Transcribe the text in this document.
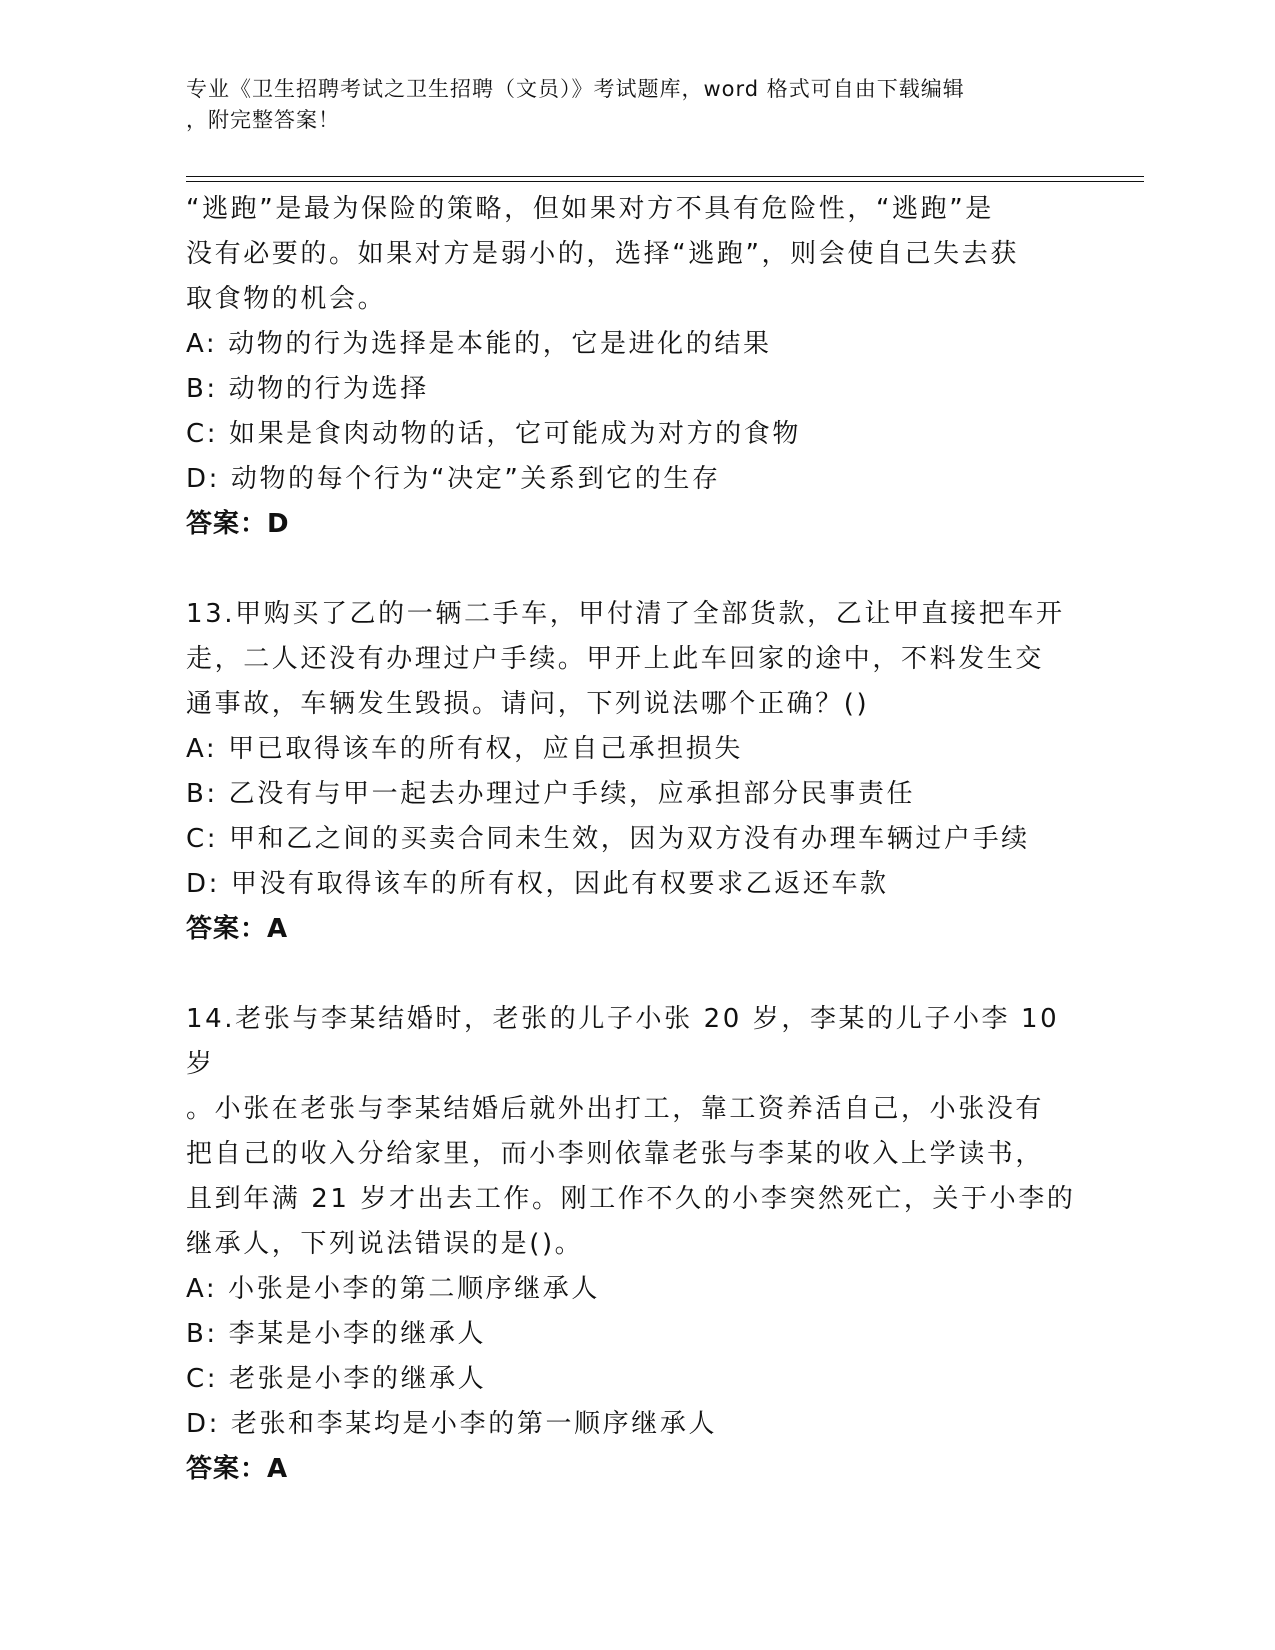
专业《卫生招聘考试之卫生招聘（文员）》考试题库，word 格式可自由下载编辑
，附完整答案！

“逃跑”是最为保险的策略，但如果对方不具有危险性，“逃跑”是

没有必要的。如果对方是弱小的，选择“逃跑”，则会使自己失去获

取食物的机会。

A: 动物的行为选择是本能的，它是进化的结果

B: 动物的行为选择

C: 如果是食肉动物的话，它可能成为对方的食物

D: 动物的每个行为“决定”关系到它的生存

答案：D

13.甲购买了乙的一辆二手车，甲付清了全部货款，乙让甲直接把车开

走，二人还没有办理过户手续。甲开上此车回家的途中，不料发生交

通事故，车辆发生毁损。请问，下列说法哪个正确？()

A: 甲已取得该车的所有权，应自己承担损失

B: 乙没有与甲一起去办理过户手续，应承担部分民事责任

C: 甲和乙之间的买卖合同未生效，因为双方没有办理车辆过户手续

D: 甲没有取得该车的所有权，因此有权要求乙返还车款

答案：A

14.老张与李某结婚时，老张的儿子小张 20 岁，李某的儿子小李 10 岁

。小张在老张与李某结婚后就外出打工，靠工资养活自己，小张没有

把自己的收入分给家里，而小李则依靠老张与李某的收入上学读书，

且到年满 21 岁才出去工作。刚工作不久的小李突然死亡，关于小李的

继承人，下列说法错误的是()。

A: 小张是小李的第二顺序继承人

B: 李某是小李的继承人

C: 老张是小李的继承人

D: 老张和李某均是小李的第一顺序继承人

答案：A
